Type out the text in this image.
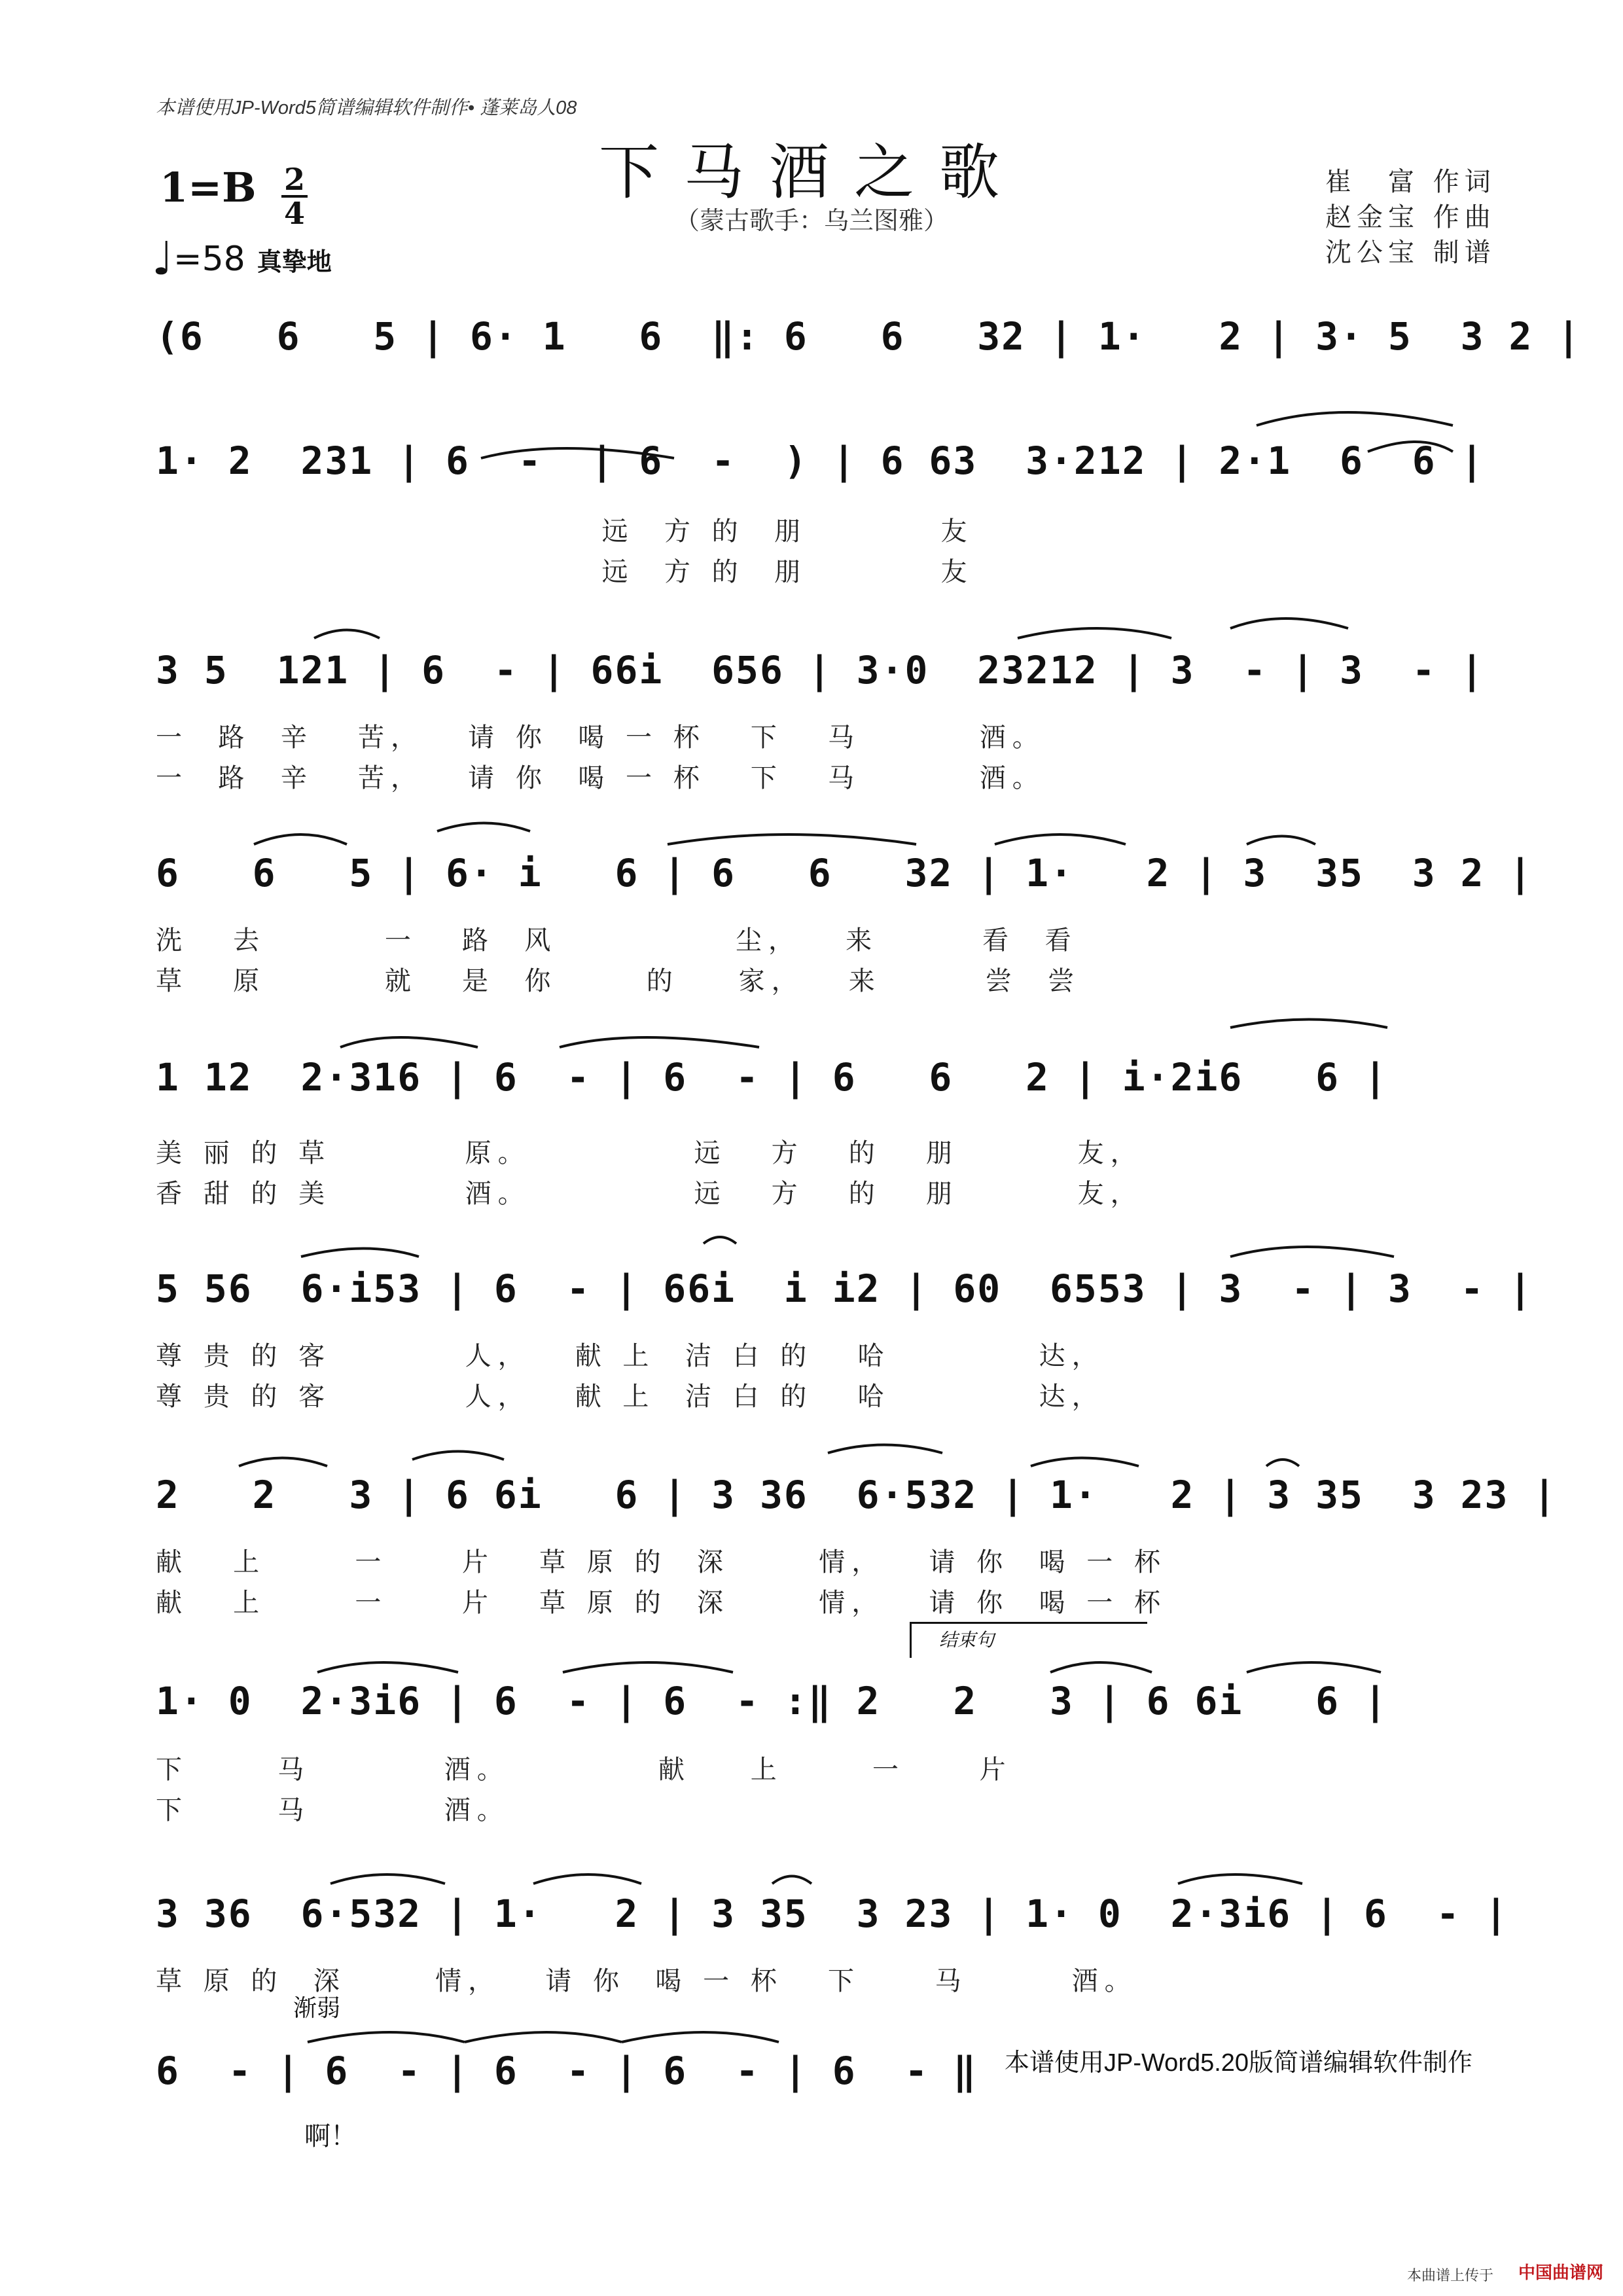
本谱使用JP-Word5简谱编辑软件制作• 蓬莱岛人08
下马酒之歌
（蒙古歌手：乌兰图雅）
1=B 2
4
♩=58 真挚地
崔　富 作词
赵金宝 作曲
沈公宝 制谱
(6   6   5 | 6· 1   6  ‖: 6   6   32 | 1·   2 | 3· 5  3 2 |
1· 2  231 | 6  -  | 6  -  ) | 6 63  3·212 | 2·1  6  6 |
远  方 的  朋         友
远  方 的  朋         友
3 5  121 | 6  - | 66i  656 | 3·0  23212 | 3  - | 3  - |
一  路  辛   苦，   请 你  喝 一 杯   下   马        酒。
一  路  辛   苦，   请 你  喝 一 杯   下   马        酒。
6   6   5 | 6· i   6 | 6   6   32 | 1·   2 | 3  35  3 2 |
洗   去        一   路  风            尘，   来       看  看
草   原        就   是  你      的    家，   来       尝  尝
1 12  2·316 | 6  - | 6  - | 6   6   2 | i·2i6   6 |
美 丽 的 草         原。           远   方   的   朋        友，
香 甜 的 美         酒。           远   方   的   朋        友，
5 56  6·i53 | 6  - | 66i  i i2 | 60  6553 | 3  - | 3  - |
尊 贵 的 客         人，   献 上  洁 白 的   哈          达，
尊 贵 的 客         人，   献 上  洁 白 的   哈          达，
2   2   3 | 6 6i   6 | 3 36  6·532 | 1·   2 | 3 35  3 23 |
献   上      一     片   草 原 的  深      情，   请 你  喝 一 杯
献   上      一     片   草 原 的  深      情，   请 你  喝 一 杯
结束句
1· 0  2·3i6 | 6  - | 6  - :‖ 2   2   3 | 6 6i   6 |
下      马         酒。          献    上      一     片
下      马         酒。
3 36  6·532 | 1·   2 | 3 35  3 23 | 1· 0  2·3i6 | 6  - |
草 原 的  深      情，   请 你  喝 一 杯   下     马       酒。
渐弱
6  - | 6  - | 6  - | 6  - | 6  - ‖
啊！
本谱使用JP-Word5.20版简谱编辑软件制作
本曲谱上传于 中国曲谱网
